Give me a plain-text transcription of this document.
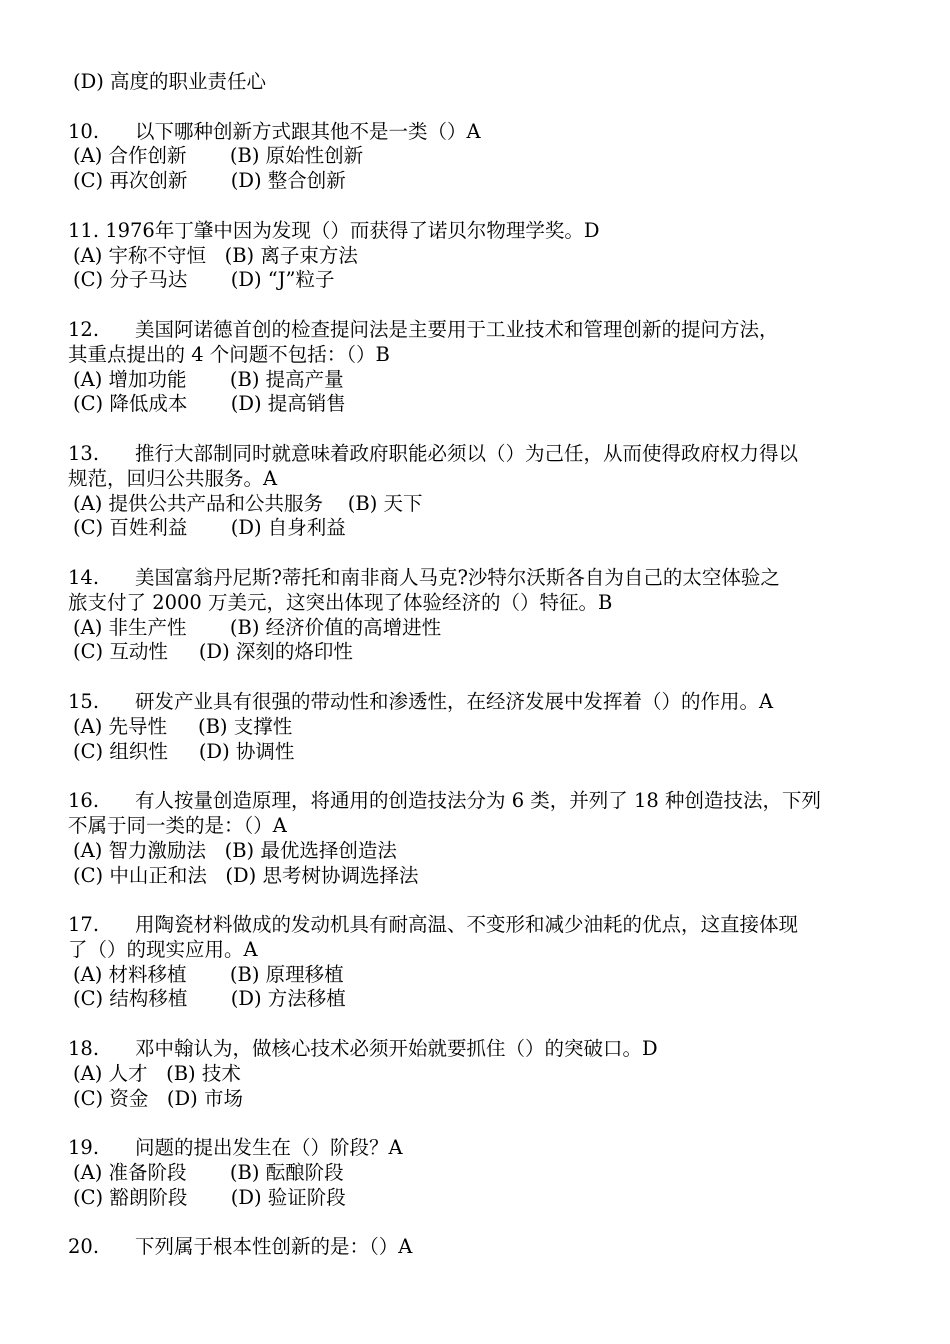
(D) 高度的职业责任心

10.	以下哪种创新方式跟其他不是一类（）A

(A) 合作创新       (B) 原始性创新

(C) 再次创新       (D) 整合创新

11. 1976年丁肇中因为发现（）而获得了诺贝尔物理学奖。D

(A) 宇称不守恒   (B) 离子束方法

(C) 分子马达       (D) “J”粒子

12.	美国阿诺德首创的检查提问法是主要用于工业技术和管理创新的提问方法，

其重点提出的 4 个问题不包括：（）B

(A) 增加功能       (B) 提高产量

(C) 降低成本       (D) 提高销售

13.	推行大部制同时就意味着政府职能必须以（）为己任，从而使得政府权力得以

规范，回归公共服务。A

(A) 提供公共产品和公共服务    (B) 天下

(C) 百姓利益       (D) 自身利益

14.	美国富翁丹尼斯?蒂托和南非商人马克?沙特尔沃斯各自为自己的太空体验之

旅支付了 2000 万美元，这突出体现了体验经济的（）特征。B

(A) 非生产性       (B) 经济价值的高增进性

(C) 互动性     (D) 深刻的烙印性

15.	研发产业具有很强的带动性和渗透性，在经济发展中发挥着（）的作用。A

(A) 先导性     (B) 支撑性

(C) 组织性     (D) 协调性

16.	有人按量创造原理，将通用的创造技法分为 6 类，并列了 18 种创造技法，下列

不属于同一类的是：（）A

(A) 智力激励法   (B) 最优选择创造法

(C) 中山正和法   (D) 思考树协调选择法

17.	用陶瓷材料做成的发动机具有耐高温、不变形和减少油耗的优点，这直接体现

了（）的现实应用。A

(A) 材料移植       (B) 原理移植

(C) 结构移植       (D) 方法移植

18.	邓中翰认为，做核心技术必须开始就要抓住（）的突破口。D

(A) 人才   (B) 技术

(C) 资金   (D) 市场

19.	问题的提出发生在（）阶段？A

(A) 准备阶段       (B) 酝酿阶段

(C) 豁朗阶段       (D) 验证阶段

20.	下列属于根本性创新的是：（）A
